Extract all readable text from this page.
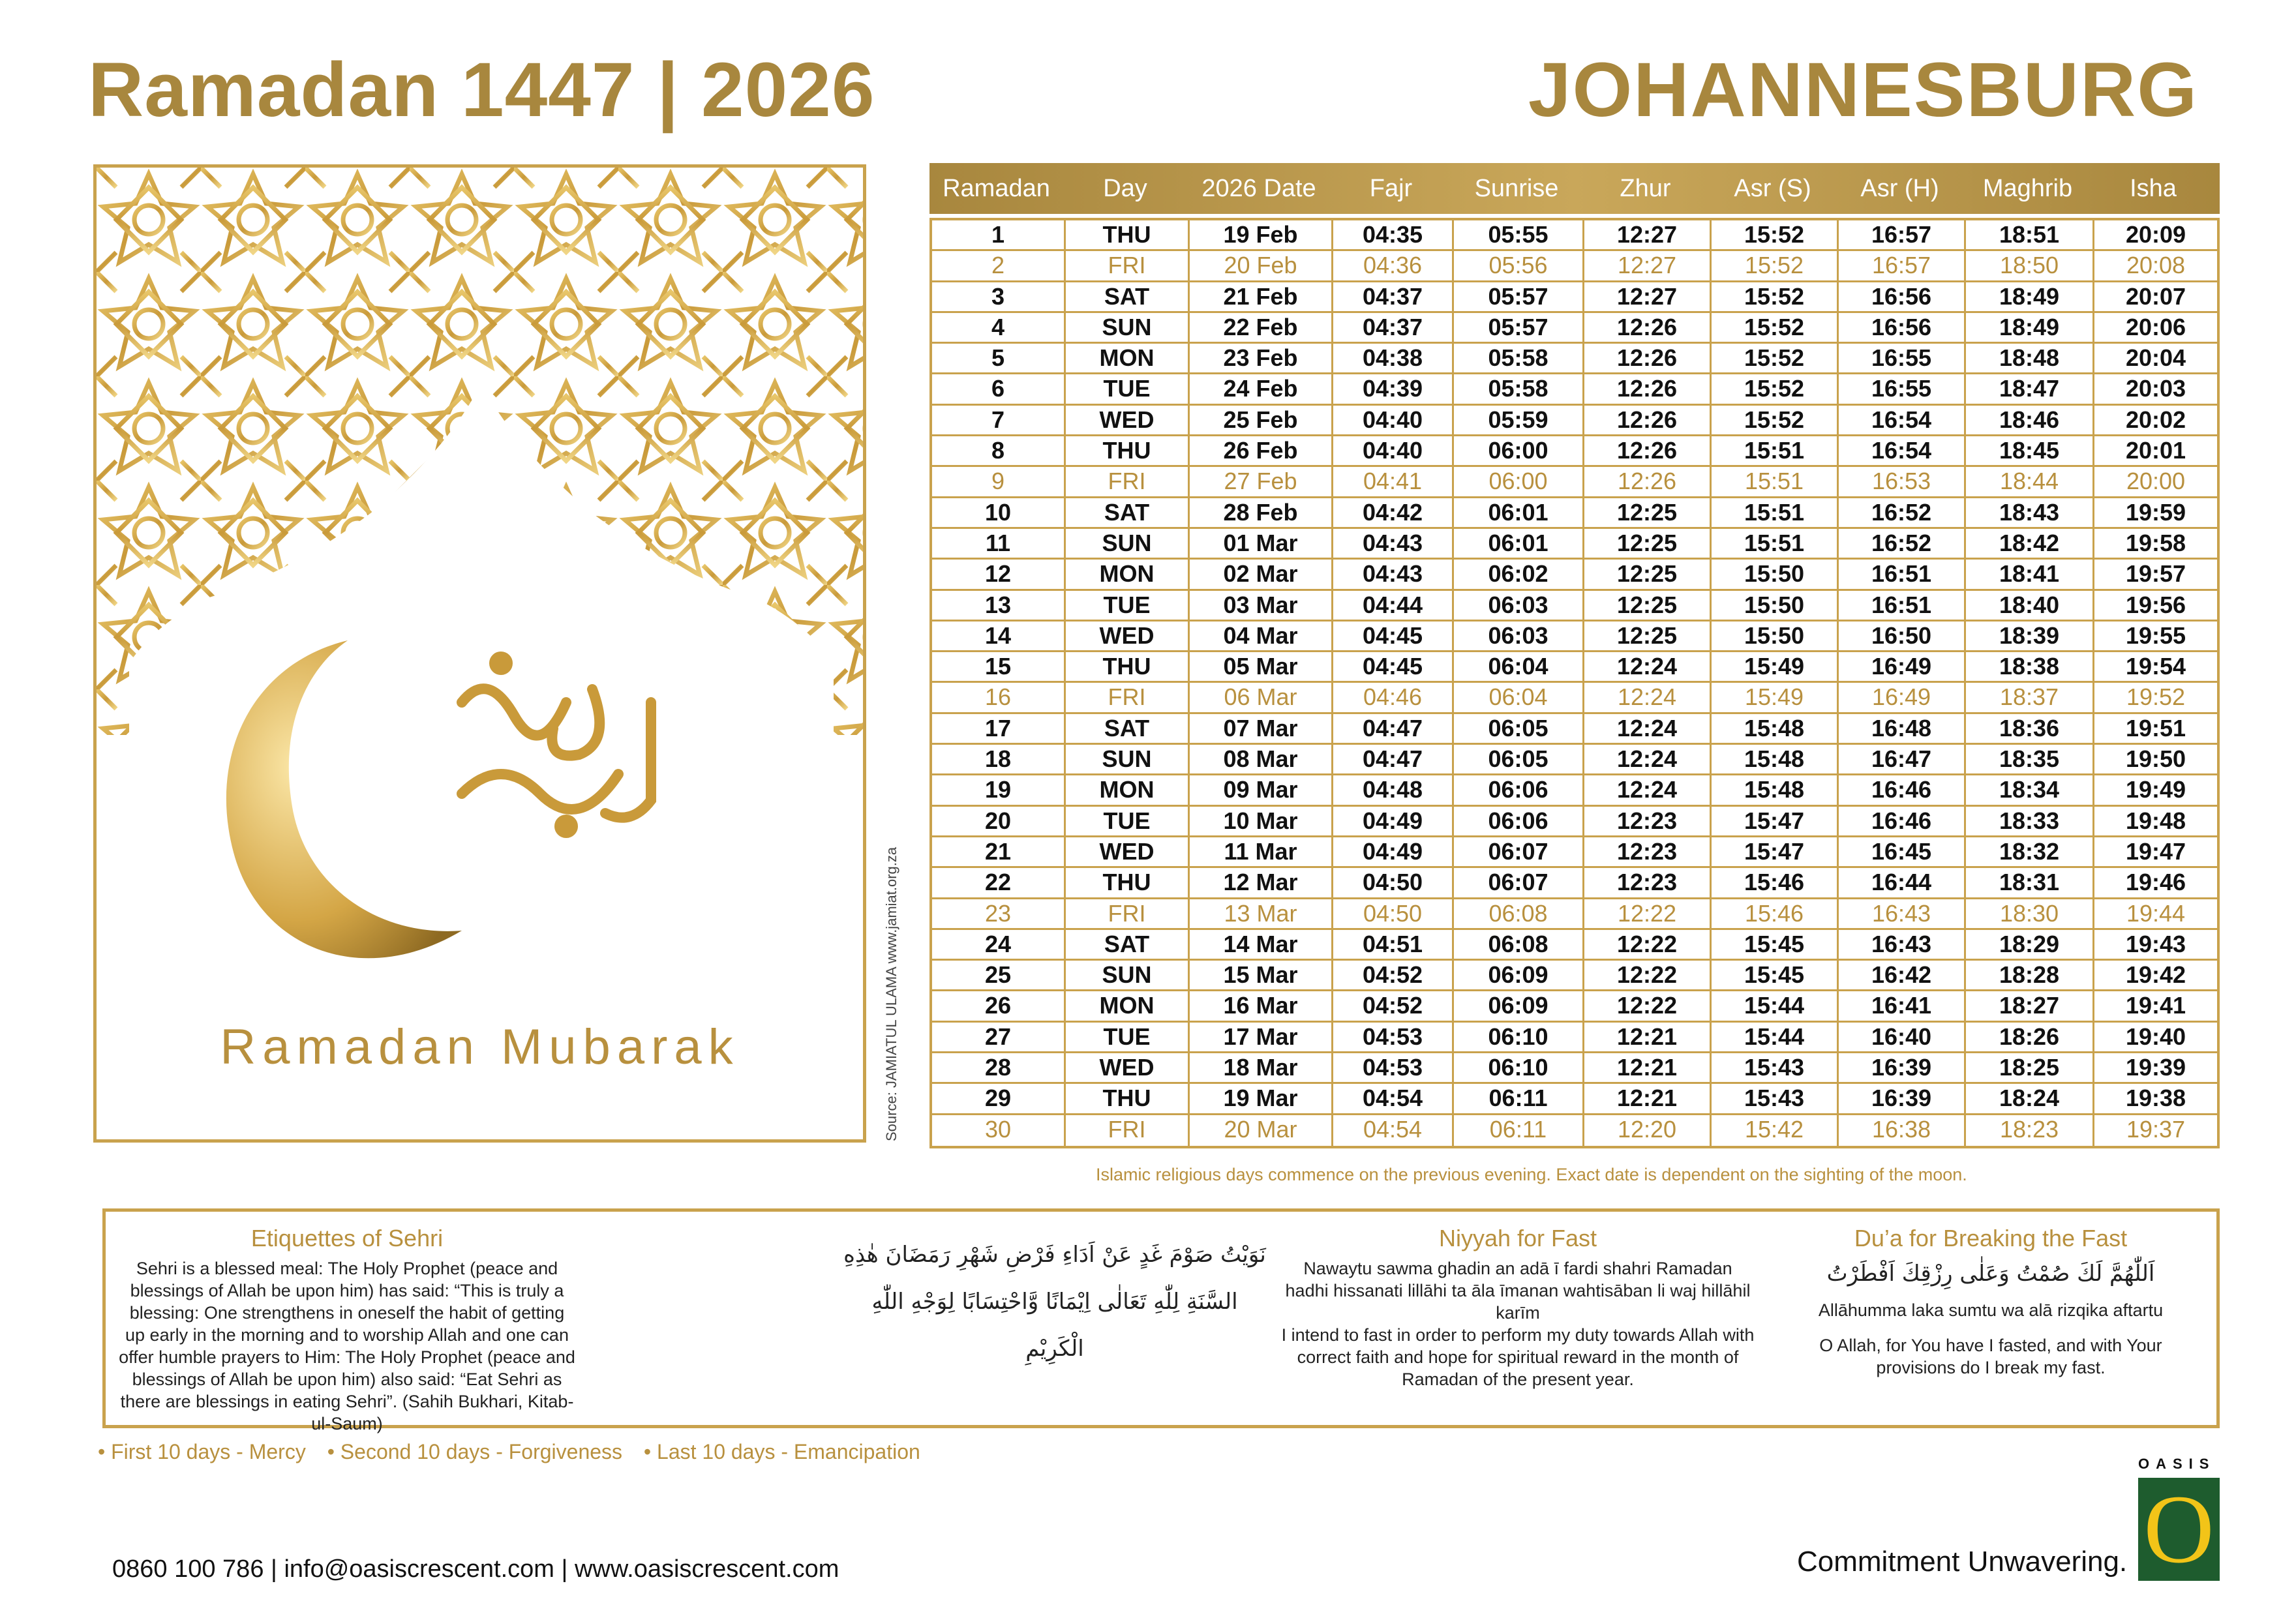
Ramadan 1447 | 2026	JOHANNESBURG
Ramadan Mubarak	Source: JAMIATUL ULAMA www.jamiat.org.za
Ramadan	Day	2026 Date	Fajr	Sunrise	Zhur	Asr (S)	Asr (H)	Maghrib	Isha
1	THU	19 Feb	04:35	05:55	12:27	15:52	16:57	18:51	20:09
2	FRI	20 Feb	04:36	05:56	12:27	15:52	16:57	18:50	20:08
3	SAT	21 Feb	04:37	05:57	12:27	15:52	16:56	18:49	20:07
4	SUN	22 Feb	04:37	05:57	12:26	15:52	16:56	18:49	20:06
5	MON	23 Feb	04:38	05:58	12:26	15:52	16:55	18:48	20:04
6	TUE	24 Feb	04:39	05:58	12:26	15:52	16:55	18:47	20:03
7	WED	25 Feb	04:40	05:59	12:26	15:52	16:54	18:46	20:02
8	THU	26 Feb	04:40	06:00	12:26	15:51	16:54	18:45	20:01
9	FRI	27 Feb	04:41	06:00	12:26	15:51	16:53	18:44	20:00
10	SAT	28 Feb	04:42	06:01	12:25	15:51	16:52	18:43	19:59
11	SUN	01 Mar	04:43	06:01	12:25	15:51	16:52	18:42	19:58
12	MON	02 Mar	04:43	06:02	12:25	15:50	16:51	18:41	19:57
13	TUE	03 Mar	04:44	06:03	12:25	15:50	16:51	18:40	19:56
14	WED	04 Mar	04:45	06:03	12:25	15:50	16:50	18:39	19:55
15	THU	05 Mar	04:45	06:04	12:24	15:49	16:49	18:38	19:54
16	FRI	06 Mar	04:46	06:04	12:24	15:49	16:49	18:37	19:52
17	SAT	07 Mar	04:47	06:05	12:24	15:48	16:48	18:36	19:51
18	SUN	08 Mar	04:47	06:05	12:24	15:48	16:47	18:35	19:50
19	MON	09 Mar	04:48	06:06	12:24	15:48	16:46	18:34	19:49
20	TUE	10 Mar	04:49	06:06	12:23	15:47	16:46	18:33	19:48
21	WED	11 Mar	04:49	06:07	12:23	15:47	16:45	18:32	19:47
22	THU	12 Mar	04:50	06:07	12:23	15:46	16:44	18:31	19:46
23	FRI	13 Mar	04:50	06:08	12:22	15:46	16:43	18:30	19:44
24	SAT	14 Mar	04:51	06:08	12:22	15:45	16:43	18:29	19:43
25	SUN	15 Mar	04:52	06:09	12:22	15:45	16:42	18:28	19:42
26	MON	16 Mar	04:52	06:09	12:22	15:44	16:41	18:27	19:41
27	TUE	17 Mar	04:53	06:10	12:21	15:44	16:40	18:26	19:40
28	WED	18 Mar	04:53	06:10	12:21	15:43	16:39	18:25	19:39
29	THU	19 Mar	04:54	06:11	12:21	15:43	16:39	18:24	19:38
30	FRI	20 Mar	04:54	06:11	12:20	15:42	16:38	18:23	19:37
Islamic religious days commence on the previous evening. Exact date is dependent on the sighting of the moon.
Etiquettes of Sehri
Sehri is a blessed meal: The Holy Prophet (peace and blessings of Allah be upon him) has said: “This is truly a blessing: One strengthens in oneself the habit of getting up early in the morning and to worship Allah and one can offer humble prayers to Him: The Holy Prophet (peace and blessings of Allah be upon him) also said: “Eat Sehri as there are blessings in eating Sehri”. (Sahih Bukhari, Kitab-ul-Saum)
نَوَيْتُ صَوْمَ غَدٍ عَنْ اَدَاءِ فَرْضِ شَهْرِ رَمَضَانَ هٰذِهِ السَّنَةِ لِلّٰهِ تَعَالٰى اِيْمَانًا وَّاحْتِسَابًا لِوَجْهِ اللّٰهِ الْكَرِيْمِ
Niyyah for Fast
Nawaytu sawma ghadin an adā ī fardi shahri Ramadan hadhi hissanati lillāhi ta āla īmanan wahtisāban li waj hillāhil karīm
I intend to fast in order to perform my duty towards Allah with correct faith and hope for spiritual reward in the month of Ramadan of the present year.
Du’a for Breaking the Fast
اَللّٰهُمَّ لَكَ صُمْتُ وَعَلٰى رِزْقِكَ اَفْطَرْتُ
Allāhumma laka sumtu wa alā rizqika aftartu
O Allah, for You have I fasted, and with Your provisions do I break my fast.
• First 10 days - Mercy • Second 10 days - Forgiveness • Last 10 days - Emancipation
0860 100 786 | info@oasiscrescent.com | www.oasiscrescent.com	Commitment Unwavering.
OASIS
O
